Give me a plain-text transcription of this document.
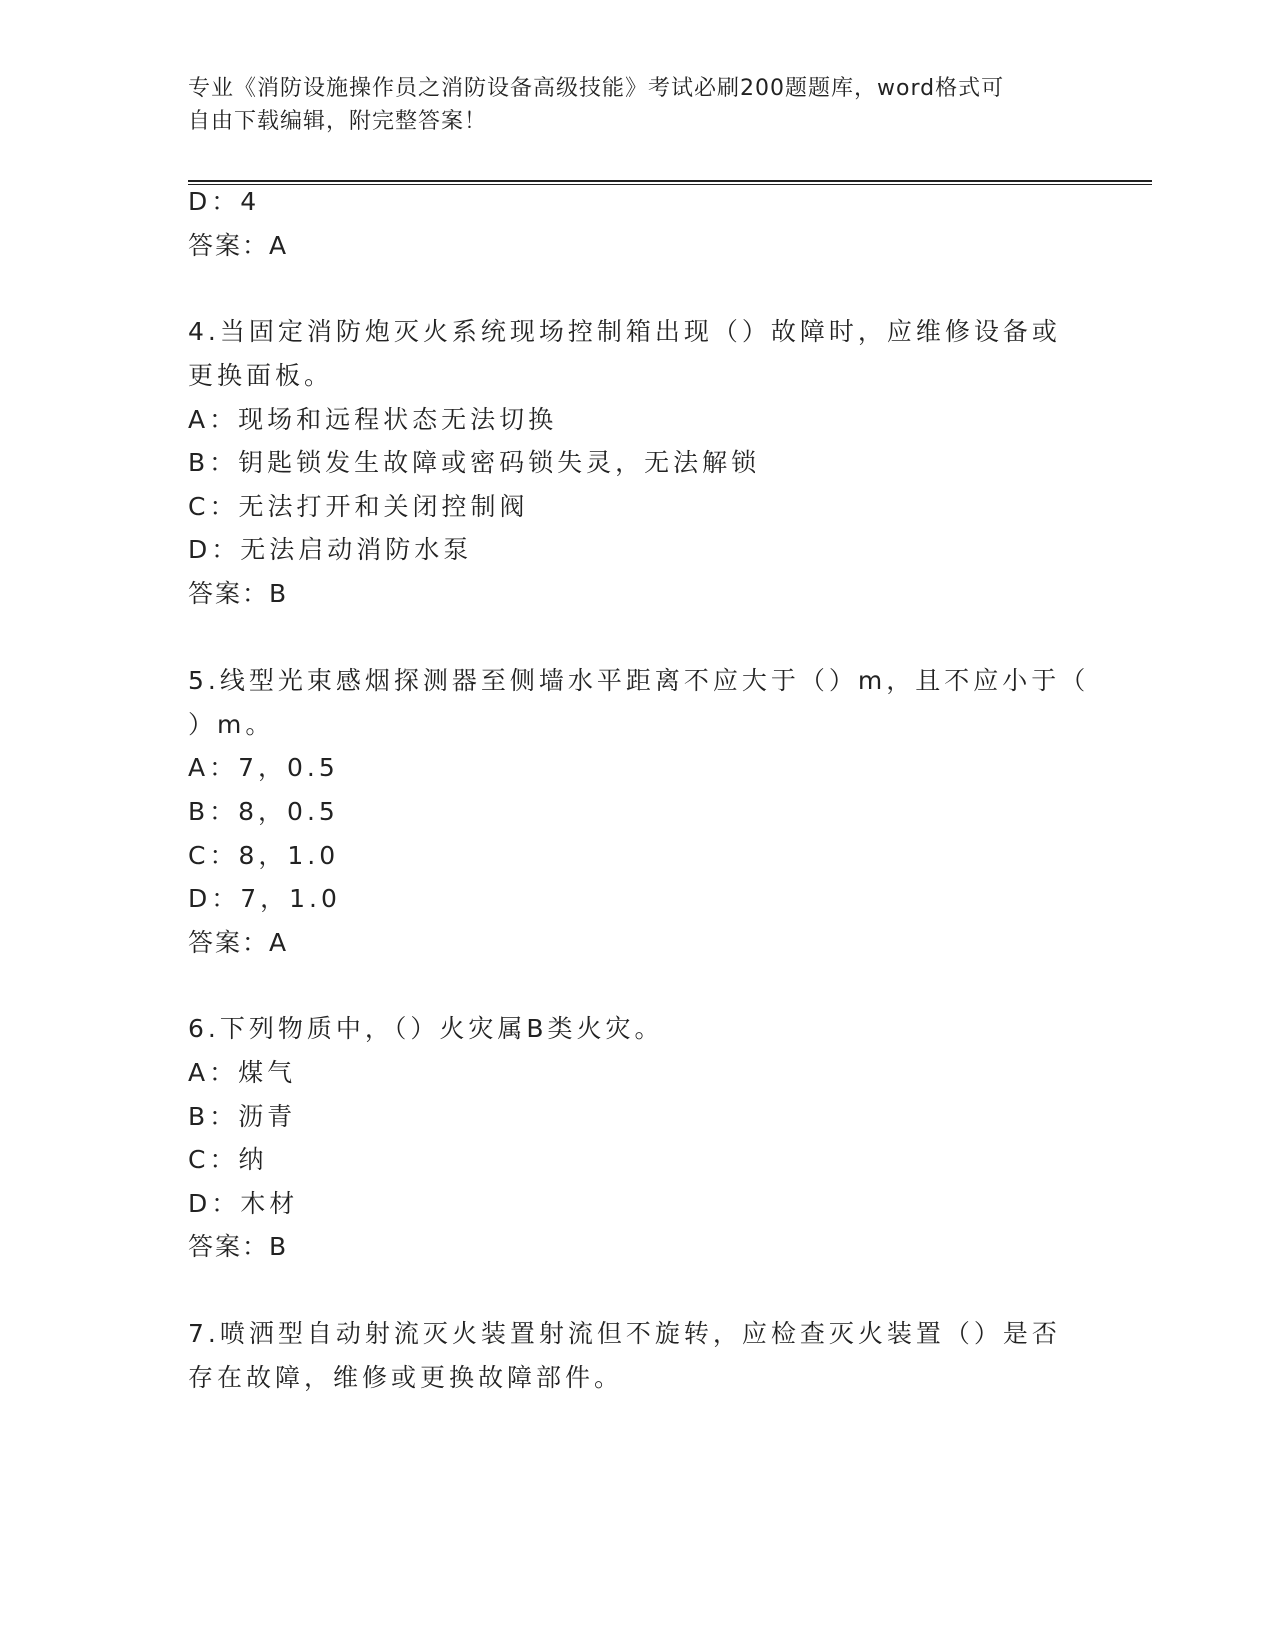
专业《消防设施操作员之消防设备高级技能》考试必刷200题题库，word格式可
自由下载编辑，附完整答案！
D：4
答案：A
4.当固定消防炮灭火系统现场控制箱出现（）故障时，应维修设备或
更换面板。
A：现场和远程状态无法切换
B：钥匙锁发生故障或密码锁失灵，无法解锁
C：无法打开和关闭控制阀
D：无法启动消防水泵
答案：B
5.线型光束感烟探测器至侧墙水平距离不应大于（）m，且不应小于（
）m。
A：7，0.5
B：8，0.5
C：8，1.0
D：7，1.0
答案：A
6.下列物质中，（）火灾属B类火灾。
A：煤气
B：沥青
C：纳
D：木材
答案：B
7.喷洒型自动射流灭火装置射流但不旋转，应检查灭火装置（）是否
存在故障，维修或更换故障部件。
